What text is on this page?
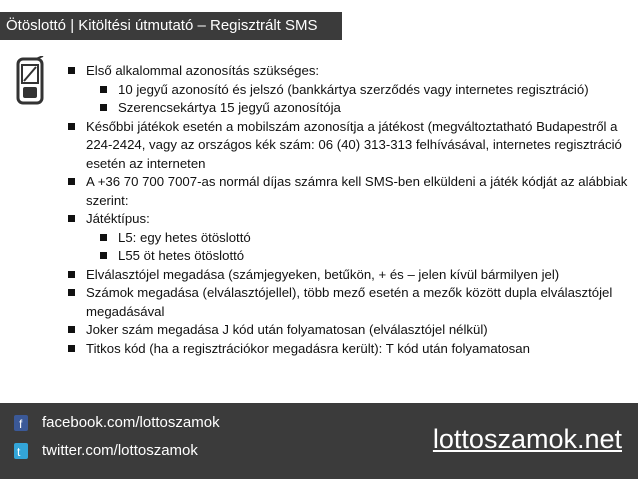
Ötöslottó | Kitöltési útmutató – Regisztrált SMS
Első alkalommal azonosítás szükséges:
10 jegyű azonosító és jelszó (bankkártya szerződés vagy internetes regisztráció)
Szerencsekártya 15 jegyű azonosítója
Későbbi játékok esetén a mobilszám azonosítja a játékost (megváltoztatható Budapestről a 224-2424, vagy az országos kék szám: 06 (40) 313-313 felhívásával, internetes regisztráció esetén az interneten
A +36 70 700 7007-as normál díjas számra kell SMS-ben elküldeni a játék kódját az alábbiak szerint:
Játéktípus:
L5: egy hetes ötöslottó
L55 öt hetes ötöslottó
Elválasztójel megadása (számjegyeken, betűkön, + és – jelen kívül bármilyen jel)
Számok megadása (elválasztójellel), több mező esetén a mezők között dupla elválasztójel megadásával
Joker szám megadása J kód után folyamatosan (elválasztójel nélkül)
Titkos kód (ha a regisztrációkor megadásra került): T kód után folyamatosan
f facebook.com/lottoszamok
t twitter.com/lottoszamok	lottoszamok.net
